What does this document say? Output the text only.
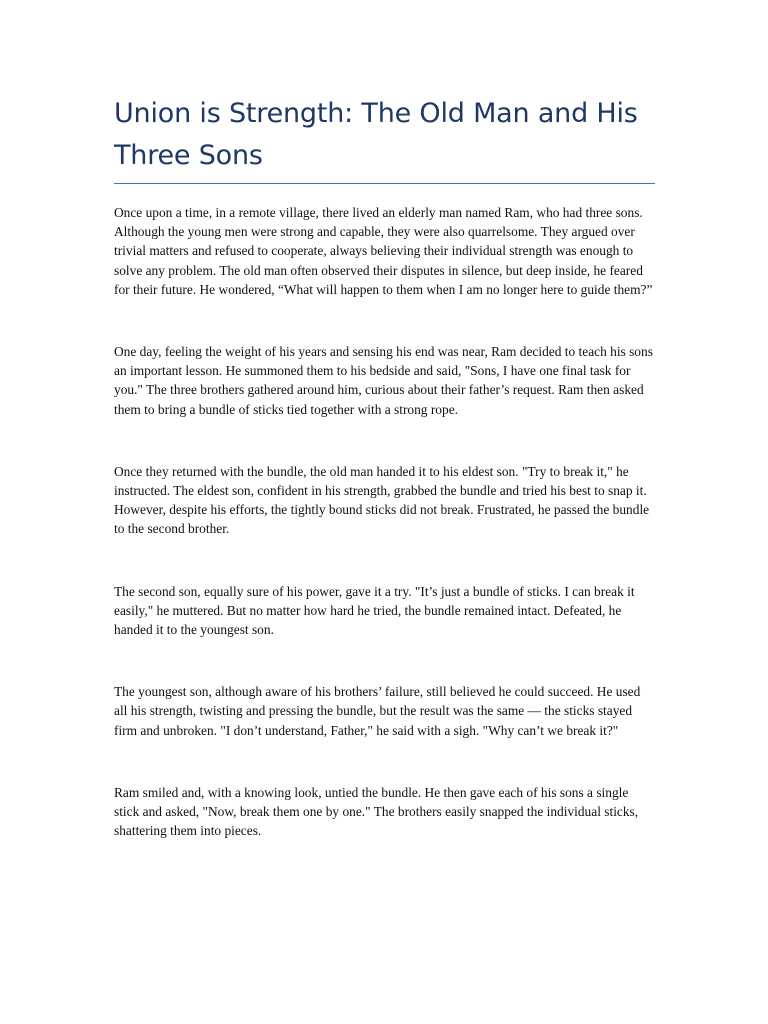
Union is Strength: The Old Man and His Three Sons

Once upon a time, in a remote village, there lived an elderly man named Ram, who had three sons. Although the young men were strong and capable, they were also quarrelsome. They argued over trivial matters and refused to cooperate, always believing their individual strength was enough to solve any problem. The old man often observed their disputes in silence, but deep inside, he feared for their future. He wondered, “What will happen to them when I am no longer here to guide them?”

One day, feeling the weight of his years and sensing his end was near, Ram decided to teach his sons an important lesson. He summoned them to his bedside and said, "Sons, I have one final task for you." The three brothers gathered around him, curious about their father’s request. Ram then asked them to bring a bundle of sticks tied together with a strong rope.

Once they returned with the bundle, the old man handed it to his eldest son. "Try to break it," he instructed. The eldest son, confident in his strength, grabbed the bundle and tried his best to snap it. However, despite his efforts, the tightly bound sticks did not break. Frustrated, he passed the bundle to the second brother.

The second son, equally sure of his power, gave it a try. "It’s just a bundle of sticks. I can break it easily," he muttered. But no matter how hard he tried, the bundle remained intact. Defeated, he handed it to the youngest son.

The youngest son, although aware of his brothers’ failure, still believed he could succeed. He used all his strength, twisting and pressing the bundle, but the result was the same — the sticks stayed firm and unbroken. "I don’t understand, Father," he said with a sigh. "Why can’t we break it?"

Ram smiled and, with a knowing look, untied the bundle. He then gave each of his sons a single stick and asked, "Now, break them one by one." The brothers easily snapped the individual sticks, shattering them into pieces.
